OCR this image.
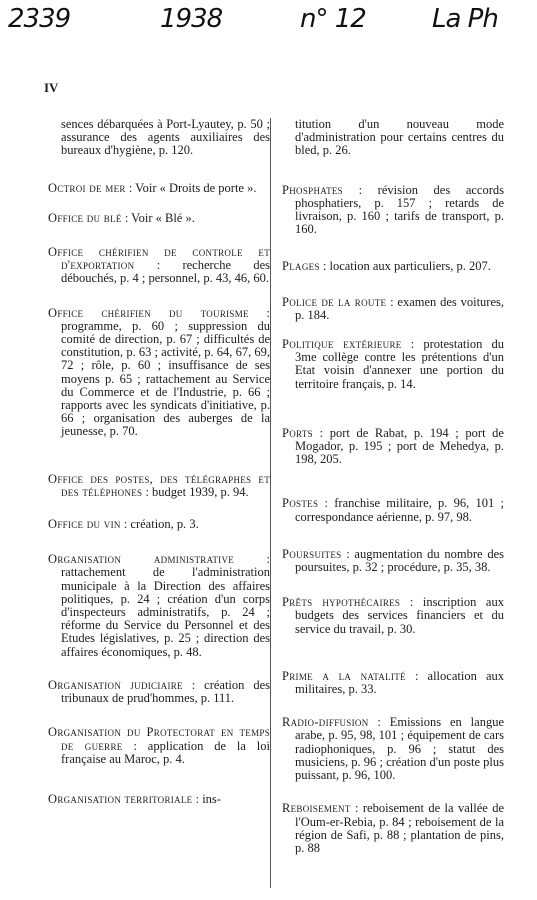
2339	1938	n° 12	La Ph
IV
sences débarquées à Port-Lyautey, p. 50 ; assurance des agents auxiliaires des bureaux d'hygiène, p. 120.
Octroi de mer : Voir « Droits de porte ».
Office du blé : Voir « Blé ».
Office chérifien de controle et d'exportation : recherche des débouchés, p. 4 ; personnel, p. 43, 46, 60.
Office chérifien du tourisme : programme, p. 60 ; suppression du comité de direction, p. 67 ; difficultés de constitution, p. 63 ; activité, p. 64, 67, 69, 72 ; rôle, p. 60 ; insuffisance de ses moyens p. 65 ; rattachement au Service du Commerce et de l'Industrie, p. 66 ; rapports avec les syndicats d'initiative, p. 66 ; organisation des auberges de la jeunesse, p. 70.
Office des postes, des télégraphes et des téléphones : budget 1939, p. 94.
Office du vin : création, p. 3.
Organisation administrative : rattachement de l'administration municipale à la Direction des affaires politiques, p. 24 ; création d'un corps d'inspecteurs administratifs, p. 24 ; réforme du Service du Personnel et des Etudes législatives, p. 25 ; direction des affaires économiques, p. 48.
Organisation judiciaire : création des tribunaux de prud'hommes, p. 111.
Organisation du Protectorat en temps de guerre : application de la loi française au Maroc, p. 4.
Organisation territoriale : ins-
titution d'un nouveau mode d'administration pour certains centres du bled, p. 26.
Phosphates : révision des accords phosphatiers, p. 157 ; retards de livraison, p. 160 ; tarifs de transport, p. 160.
Plages : location aux particuliers, p. 207.
Police de la route : examen des voitures, p. 184.
Politique extérieure : protestation du 3me collège contre les prétentions d'un Etat voisin d'annexer une portion du territoire français, p. 14.
Ports : port de Rabat, p. 194 ; port de Mogador, p. 195 ; port de Mehedya, p. 198, 205.
Postes : franchise militaire, p. 96, 101 ; correspondance aérienne, p. 97, 98.
Poursuites : augmentation du nombre des poursuites, p. 32 ; procédure, p. 35, 38.
Prêts hypothécaires : inscription aux budgets des services financiers et du service du travail, p. 30.
Prime a la natalité : allocation aux militaires, p. 33.
Radio-diffusion : Emissions en langue arabe, p. 95, 98, 101 ; équipement de cars radiophoniques, p. 96 ; statut des musiciens, p. 96 ; création d'un poste plus puissant, p. 96, 100.
Reboisement : reboisement de la vallée de l'Oum-er-Rebia, p. 84 ; reboisement de la région de Safi, p. 88 ; plantation de pins, p. 88
